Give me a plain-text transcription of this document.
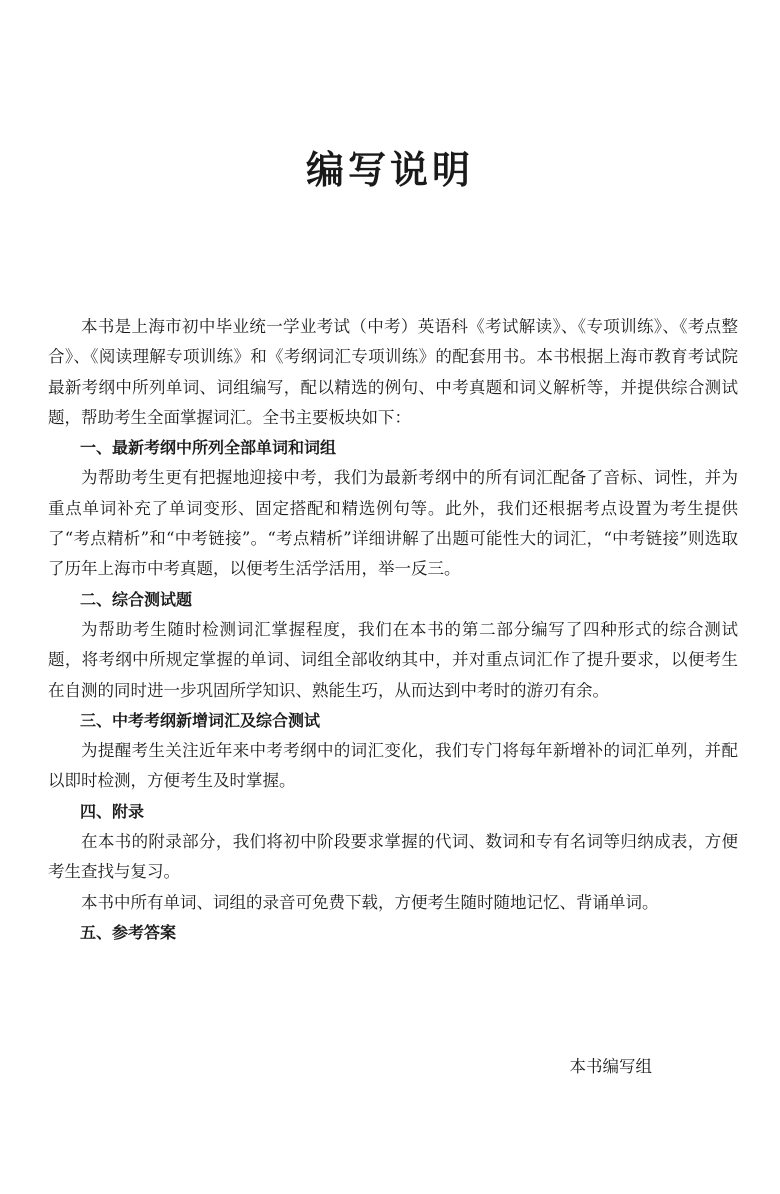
编写说明

本书是上海市初中毕业统一学业考试（中考）英语科《考试解读》、《专项训练》、《考点整合》、《阅读理解专项训练》和《考纲词汇专项训练》的配套用书。本书根据上海市教育考试院最新考纲中所列单词、词组编写，配以精选的例句、中考真题和词义解析等，并提供综合测试题，帮助考生全面掌握词汇。全书主要板块如下：

一、最新考纲中所列全部单词和词组

为帮助考生更有把握地迎接中考，我们为最新考纲中的所有词汇配备了音标、词性，并为重点单词补充了单词变形、固定搭配和精选例句等。此外，我们还根据考点设置为考生提供了“考点精析”和“中考链接”。“考点精析”详细讲解了出题可能性大的词汇，“中考链接”则选取了历年上海市中考真题，以便考生活学活用，举一反三。

二、综合测试题

为帮助考生随时检测词汇掌握程度，我们在本书的第二部分编写了四种形式的综合测试题，将考纲中所规定掌握的单词、词组全部收纳其中，并对重点词汇作了提升要求，以便考生在自测的同时进一步巩固所学知识、熟能生巧，从而达到中考时的游刃有余。

三、中考考纲新增词汇及综合测试

为提醒考生关注近年来中考考纲中的词汇变化，我们专门将每年新增补的词汇单列，并配以即时检测，方便考生及时掌握。

四、附录

在本书的附录部分，我们将初中阶段要求掌握的代词、数词和专有名词等归纳成表，方便考生查找与复习。

本书中所有单词、词组的录音可免费下载，方便考生随时随地记忆、背诵单词。

五、参考答案

本书编写组
